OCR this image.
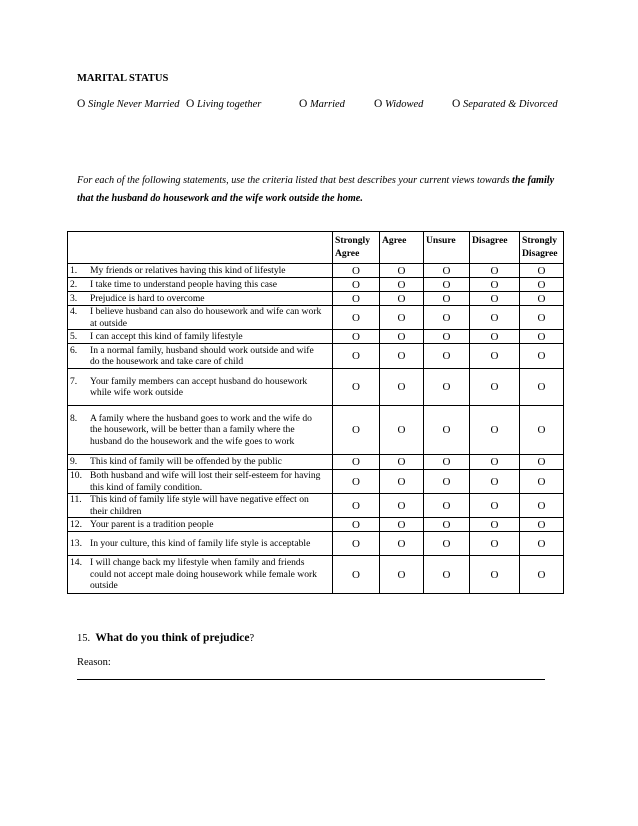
MARITAL STATUS
O Single Never Married O Living together	O Married	O Widowed O Separated & Divorced
For each of the following statements, use the criteria listed that best describes your current views towards the family that the husband do housework and the wife work outside the home.
	Strongly Agree	Agree	Unsure	Disagree	Strongly Disagree
1. My friends or relatives having this kind of lifestyle	O	O	O	O	O
2. I take time to understand people having this case	O	O	O	O	O
3. Prejudice is hard to overcome	O	O	O	O	O
4. I believe husband can also do housework and wife can work at outside	O	O	O	O	O
5. I can accept this kind of family lifestyle	O	O	O	O	O
6. In a normal family, husband should work outside and wife do the housework and take care of child	O	O	O	O	O
7. Your family members can accept husband do housework while wife work outside	O	O	O	O	O
8. A family where the husband goes to work and the wife do the housework, will be better than a family where the husband do the housework and the wife goes to work	O	O	O	O	O
9. This kind of family will be offended by the public	O	O	O	O	O
10. Both husband and wife will lost their self-esteem for having this kind of family condition.	O	O	O	O	O
11. This kind of family life style will have negative effect on their children	O	O	O	O	O
12. Your parent is a tradition people	O	O	O	O	O
13. In your culture, this kind of family life style is acceptable	O	O	O	O	O
14. I will change back my lifestyle when family and friends could not accept male doing housework while female work outside	O	O	O	O	O
15. What do you think of prejudice?
Reason:
